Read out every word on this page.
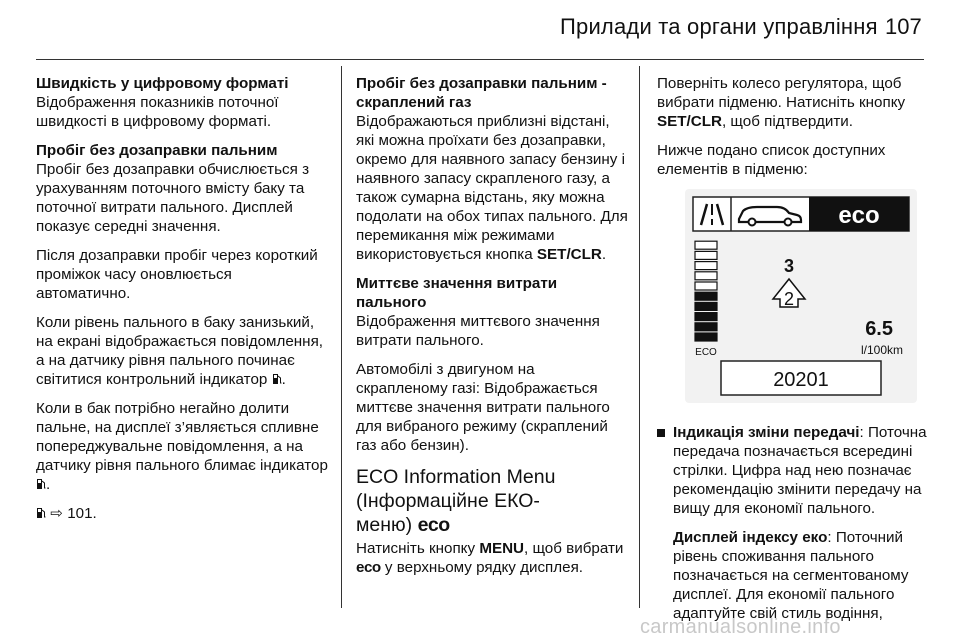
Прилади та органи управління 107
Швидкість у цифровому форматі
Відображення показників поточної швидкості в цифровому форматі.
Пробіг без дозаправки пальним
Пробіг без дозаправки обчислюється з урахуванням поточного вмісту баку та поточної витрати пального. Дисплей показує середні значення.
Після дозаправки пробіг через короткий проміжок часу оновлюється автоматично.
Коли рівень пального в баку занизький, на екрані відображається повідомлення, а на датчику рівня пального починає світитися контрольний індикатор .
Коли в бак потрібно негайно долити пальне, на дисплеї з’являється спливне попереджувальне повідомлення, а на датчику рівня пального блимає індикатор .
⇨ 101.
Пробіг без дозаправки пальним - скраплений газ
Відображаються приблизні відстані, які можна проїхати без дозаправки, окремо для наявного запасу бензину і наявного запасу скрапленого газу, а також сумарна відстань, яку можна подолати на обох типах пального. Для перемикання між режимами використовується кнопка SET/CLR.
Миттєве значення витрати пального
Відображення миттєвого значення витрати пального.
Автомобілі з двигуном на скрапленому газі: Відображається миттєве значення витрати пального для вибраного режиму (скраплений газ або бензин).
ECO Information Menu
(Інформаційне ЕКО-
меню) eco
Натисніть кнопку MENU, щоб вибрати eco у верхньому рядку дисплея.
Поверніть колесо регулятора, щоб вибрати підменю. Натисніть кнопку SET/CLR, щоб підтвердити.
Нижче подано список доступних елементів в підменю:
eco
ECO
3
2
6.5
l/100km
20201
Індикація зміни передачі: Поточна передача позначається всередині стрілки. Цифра над нею позначає рекомендацію змінити передачу на вищу для економії пального.
Дисплей індексу еко: Поточний рівень споживання пального позначається на сегментованому дисплеї. Для економії пального адаптуйте свій стиль водіння,
carmanualsonline.info
